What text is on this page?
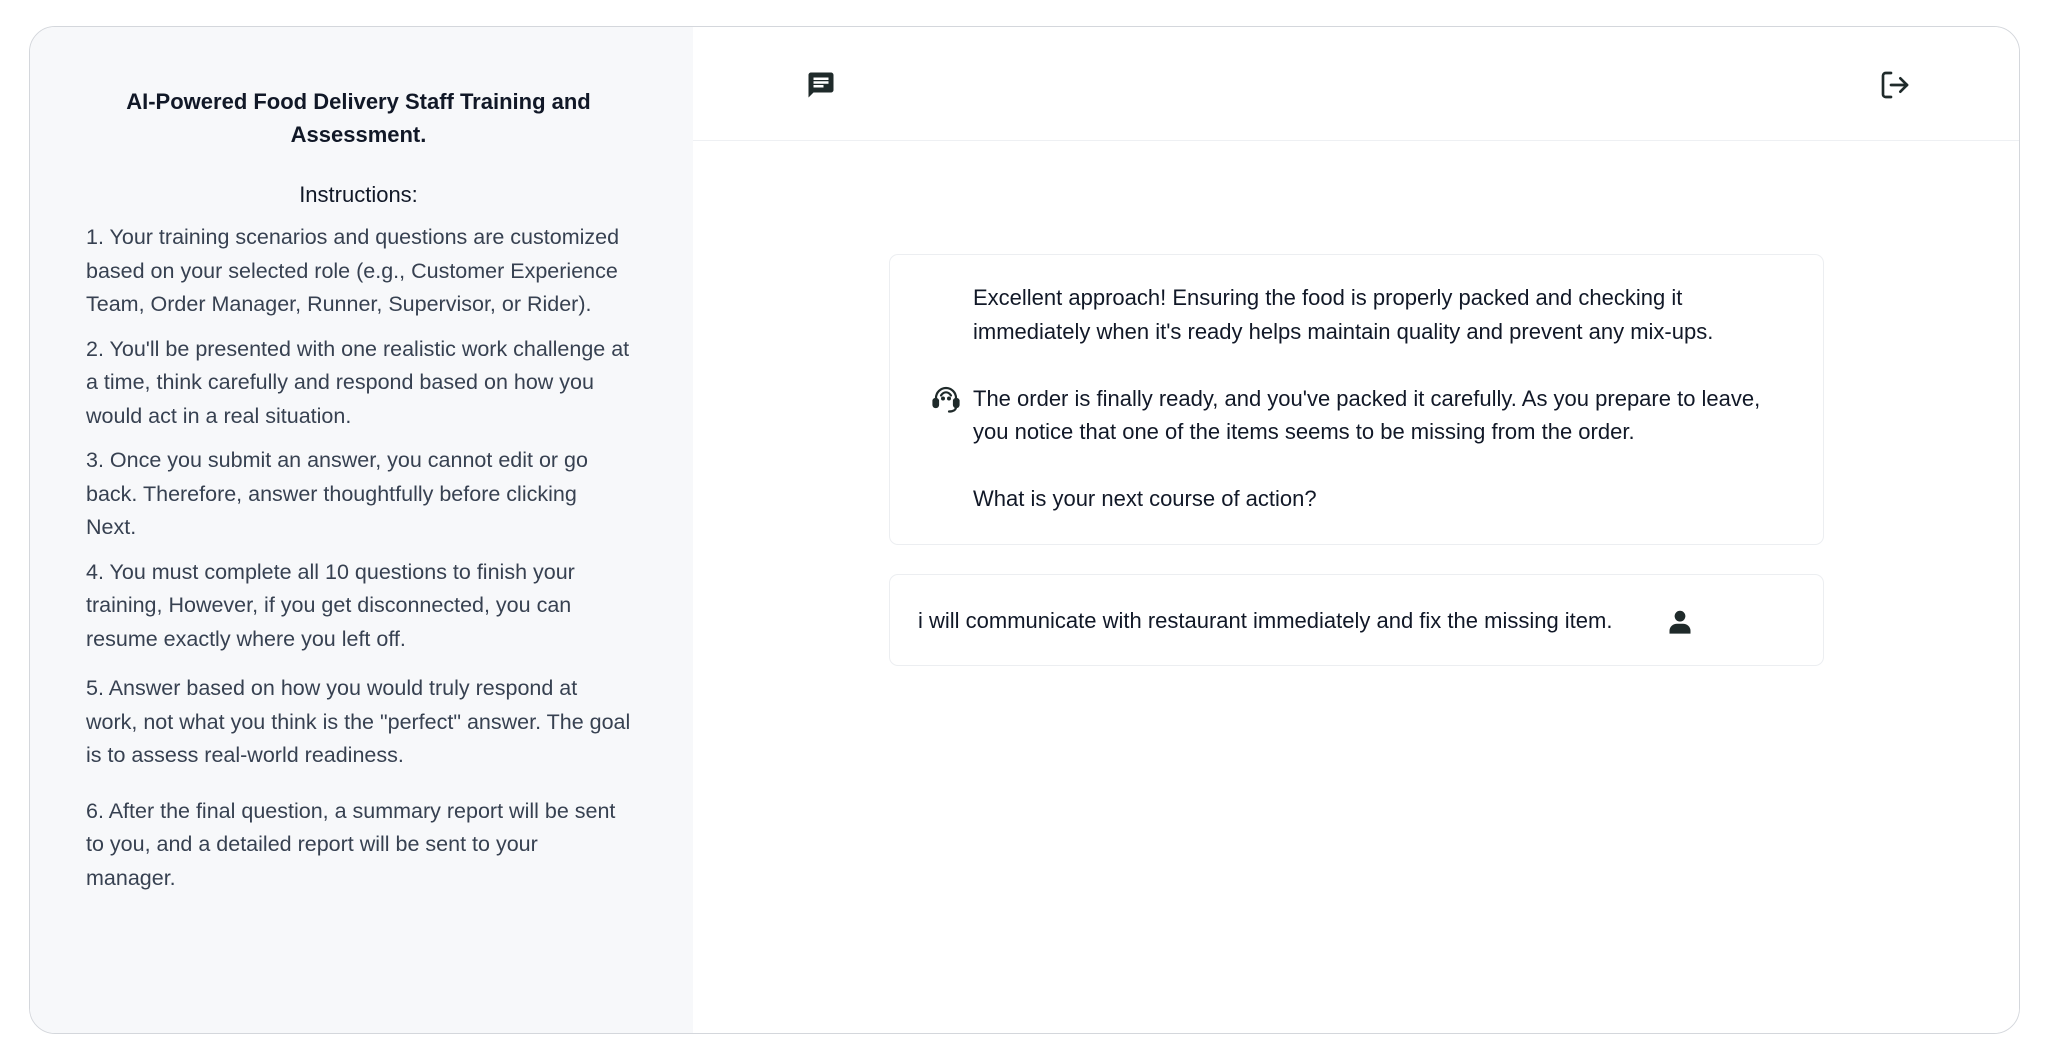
AI-Powered Food Delivery Staff Training and Assessment.
Instructions:

1. Your training scenarios and questions are customized based on your selected role (e.g., Customer Experience Team, Order Manager, Runner, Supervisor, or Rider).

2. You'll be presented with one realistic work challenge at a time, think carefully and respond based on how you would act in a real situation.

3. Once you submit an answer, you cannot edit or go back. Therefore, answer thoughtfully before clicking Next.

4. You must complete all 10 questions to finish your training, However, if you get disconnected, you can resume exactly where you left off.

5. Answer based on how you would truly respond at work, not what you think is the "perfect" answer. The goal is to assess real-world readiness.

6. After the final question, a summary report will be sent to you, and a detailed report will be sent to your manager.

Excellent approach! Ensuring the food is properly packed and checking it immediately when it's ready helps maintain quality and prevent any mix-ups.

The order is finally ready, and you've packed it carefully. As you prepare to leave, you notice that one of the items seems to be missing from the order.

What is your next course of action?

i will communicate with restaurant immediately and fix the missing item.
